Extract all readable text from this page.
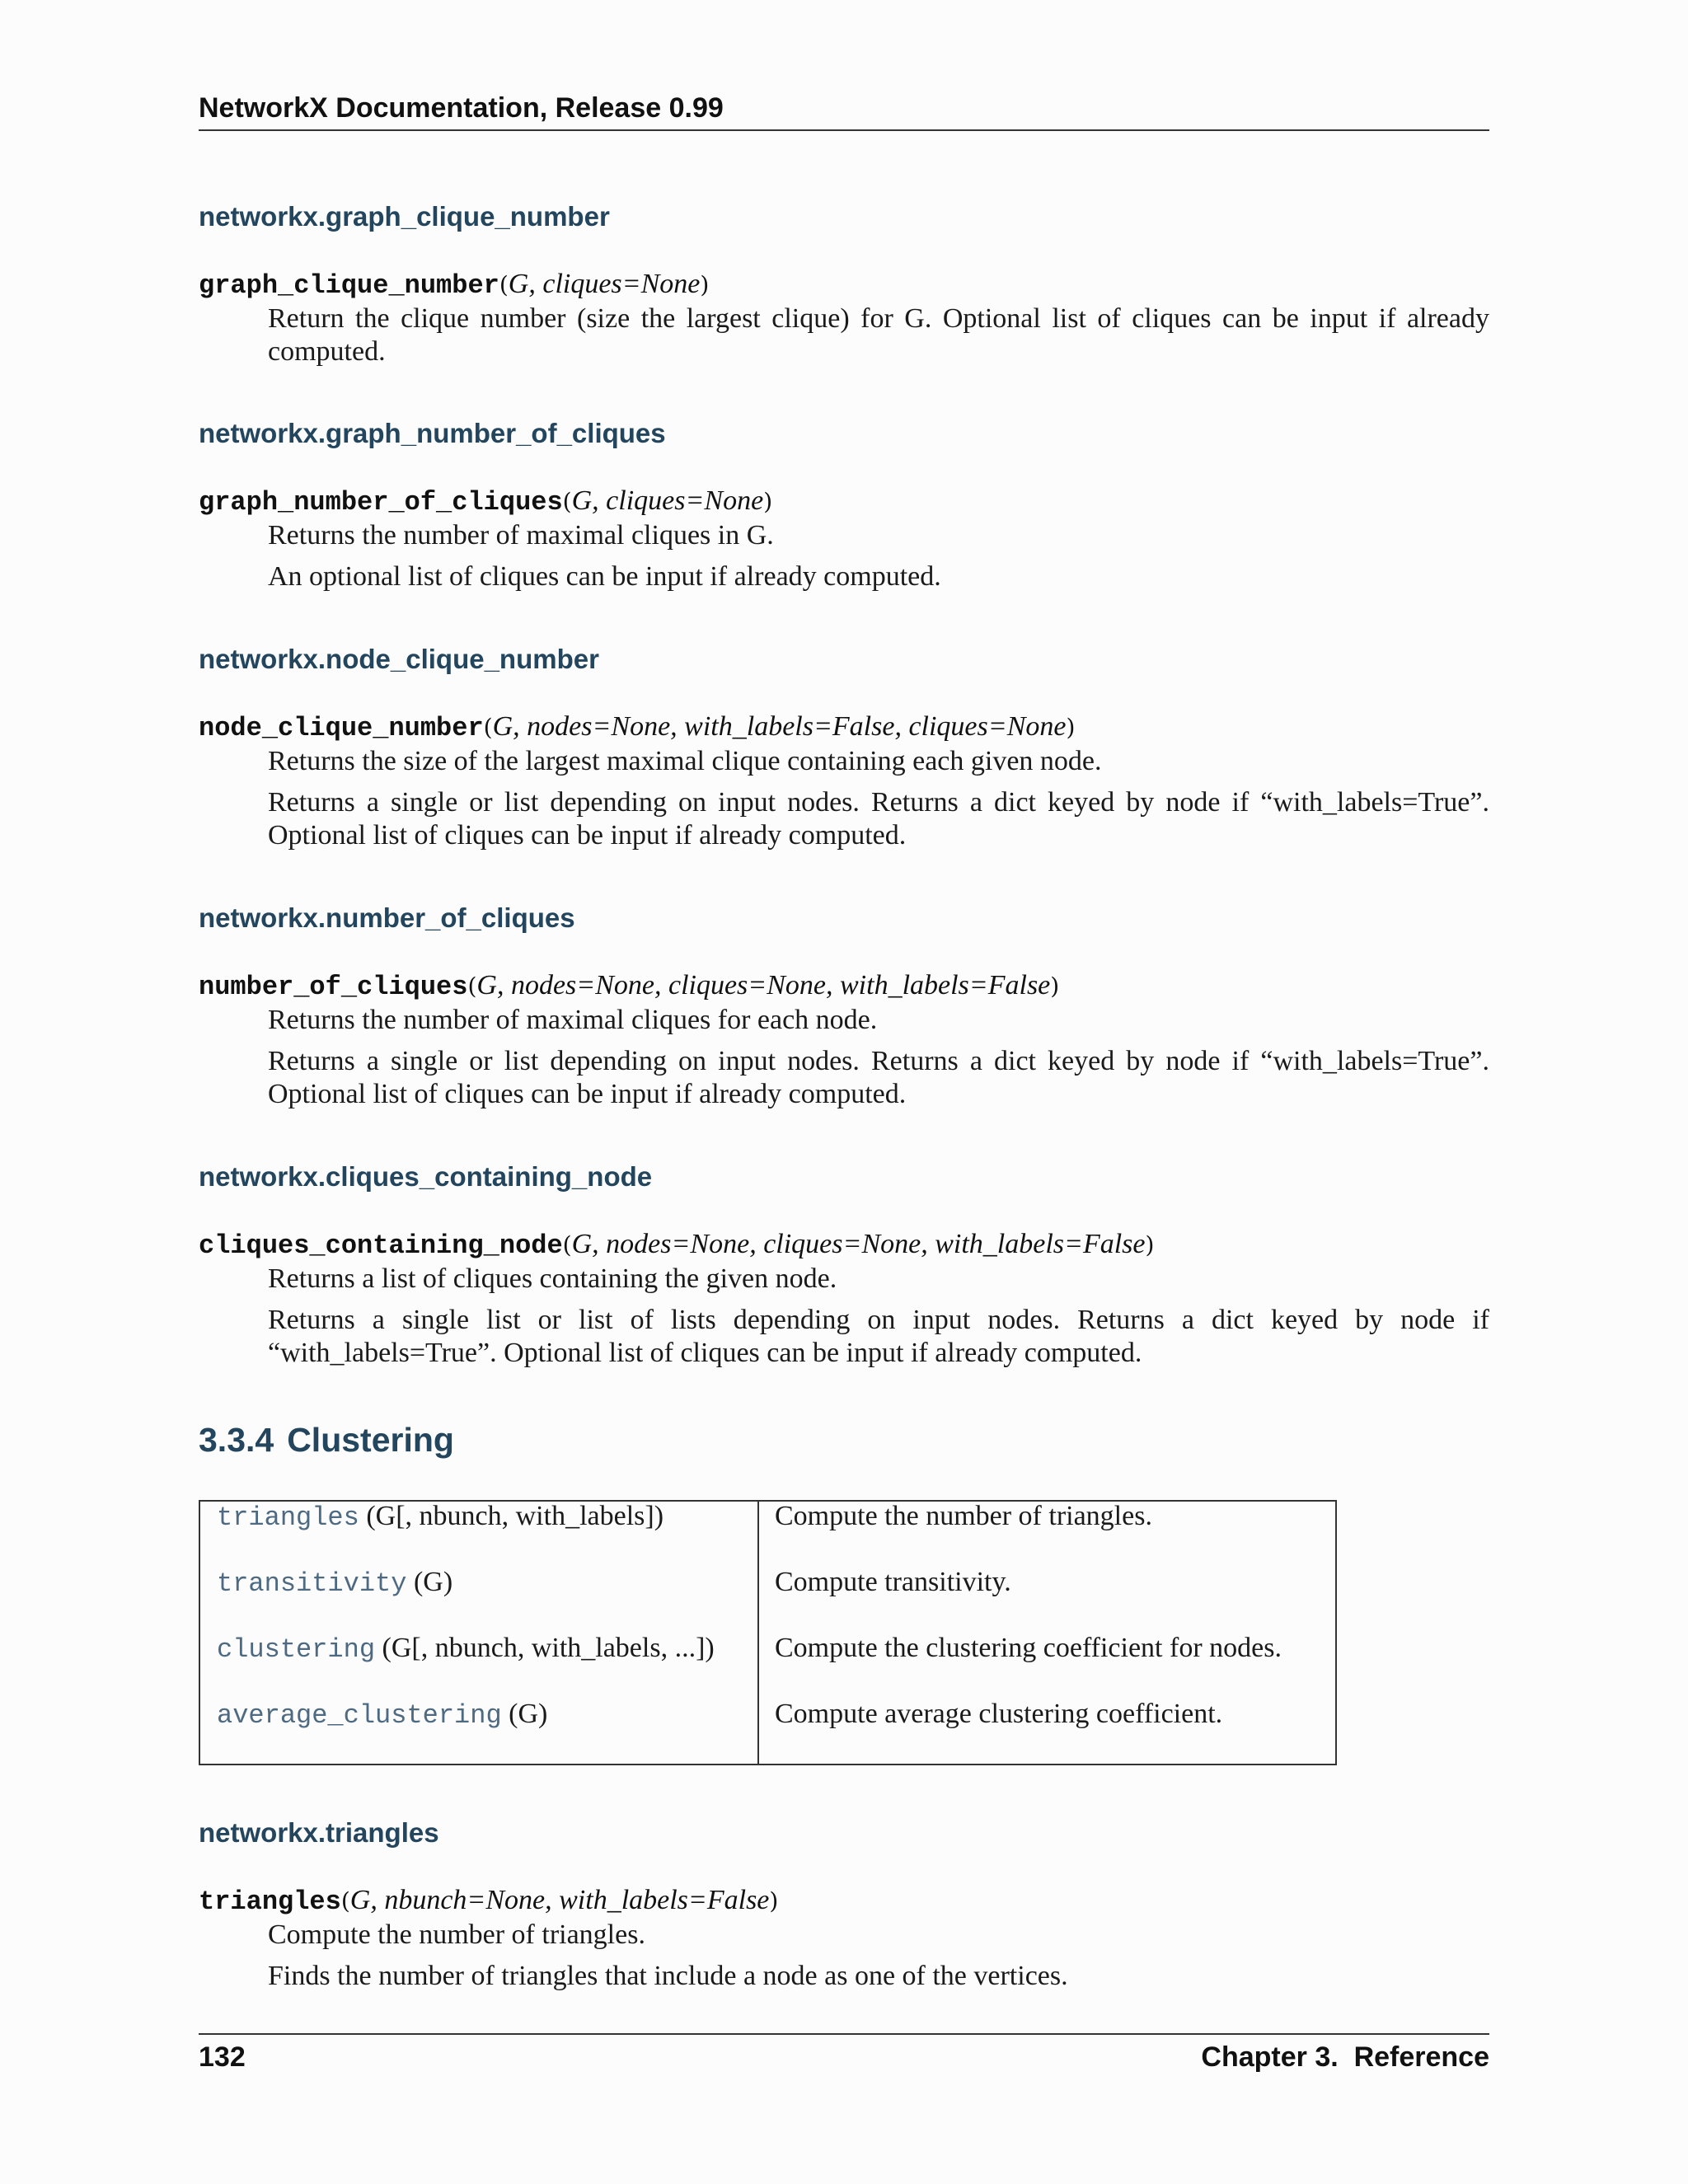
NetworkX Documentation, Release 0.99
networkx.graph_clique_number
graph_clique_number(G, cliques=None)

Return the clique number (size the largest clique) for G. Optional list of cliques can be input if already computed.

networkx.graph_number_of_cliques
graph_number_of_cliques(G, cliques=None)

Returns the number of maximal cliques in G.

An optional list of cliques can be input if already computed.

networkx.node_clique_number
node_clique_number(G, nodes=None, with_labels=False, cliques=None)

Returns the size of the largest maximal clique containing each given node.

Returns a single or list depending on input nodes. Returns a dict keyed by node if “with_labels=True”. Optional list of cliques can be input if already computed.

networkx.number_of_cliques
number_of_cliques(G, nodes=None, cliques=None, with_labels=False)

Returns the number of maximal cliques for each node.

Returns a single or list depending on input nodes. Returns a dict keyed by node if “with_labels=True”. Optional list of cliques can be input if already computed.

networkx.cliques_containing_node
cliques_containing_node(G, nodes=None, cliques=None, with_labels=False)

Returns a list of cliques containing the given node.

Returns a single list or list of lists depending on input nodes. Returns a dict keyed by node if “with_labels=True”. Optional list of cliques can be input if already computed.

3.3.4 Clustering
triangles (G[, nbunch, with_labels])	Compute the number of triangles.
transitivity (G)	Compute transitivity.
clustering (G[, nbunch, with_labels, ...]) Compute the clustering coefficient for nodes.
average_clustering (G)	Compute average clustering coefficient.
networkx.triangles
triangles(G, nbunch=None, with_labels=False)

Compute the number of triangles.

Finds the number of triangles that include a node as one of the vertices.

132	Chapter 3.  Reference
